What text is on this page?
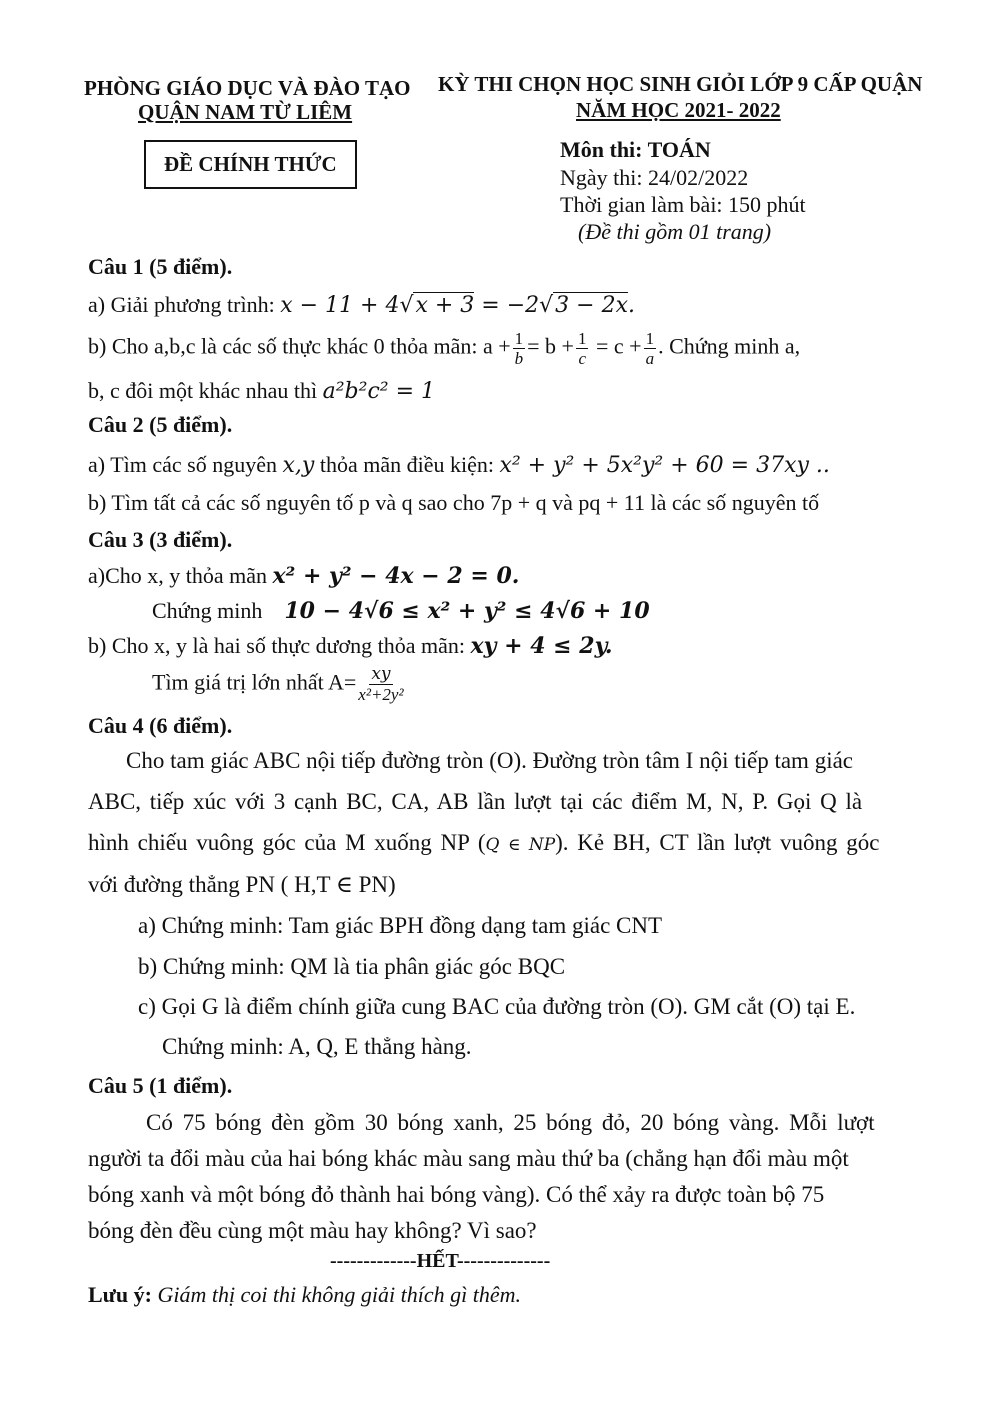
PHÒNG GIÁO DỤC VÀ ĐÀO TẠO
QUẬN NAM TỪ LIÊM
KỲ THI CHỌN HỌC SINH GIỎI LỚP 9 CẤP QUẬN
NĂM HỌC 2021- 2022
ĐỀ CHÍNH THỨC
Môn thi: TOÁN
Ngày thi: 24/02/2022
Thời gian làm bài: 150 phút
(Đề thi gồm 01 trang)
Câu 1 (5 điểm).
a) Giải phương trình: x − 11 + 4√x + 3 = −2√3 − 2x.
b) Cho a,b,c là các số thực khác 0 thỏa mãn: $a + \frac{1}{b} = b + \frac{1}{c} = c + \frac{1}{a}$ . Chứng minh a,
b, c đôi một khác nhau thì a²b²c² = 1
Câu 2 (5 điểm).
a) Tìm các số nguyên x,y thỏa mãn điều kiện: x² + y² + 5x²y² + 60 = 37xy ..
b) Tìm tất cả các số nguyên tố p và q sao cho 7p + q và pq + 11 là các số nguyên tố
Câu 3 (3 điểm).
a)Cho x, y thỏa mãn x² + y² − 4x − 2 = 0.
Chứng minh 10 − 4√6 ≤ x² + y² ≤ 4√6 + 10
b) Cho x, y là hai số thực dương thỏa mãn: xy + 4 ≤ 2y.
Tìm giá trị lớn nhất $A= \frac{xy}{\text{x²+2y²}}$
Câu 4 (6 điểm).
Cho tam giác ABC nội tiếp đường tròn (O). Đường tròn tâm I nội tiếp tam giác
ABC, tiếp xúc với 3 cạnh BC, CA, AB lần lượt tại các điểm M, N, P. Gọi Q là
hình chiếu vuông góc của M xuống NP (Q ∈ NP). Kẻ BH, CT lần lượt vuông góc
với đường thẳng PN ( H,T ∈ PN)
a) Chứng minh: Tam giác BPH đồng dạng tam giác CNT
b) Chứng minh: QM là tia phân giác góc BQC
c) Gọi G là điểm chính giữa cung BAC của đường tròn (O). GM cắt (O) tại E.
Chứng minh: A, Q, E thẳng hàng.
Câu 5 (1 điểm).
Có 75 bóng đèn gồm 30 bóng xanh, 25 bóng đỏ, 20 bóng vàng. Mỗi lượt
người ta đổi màu của hai bóng khác màu sang màu thứ ba (chẳng hạn đổi màu một
bóng xanh và một bóng đỏ thành hai bóng vàng). Có thể xảy ra được toàn bộ 75
bóng đèn đều cùng một màu hay không? Vì sao?
-------------HẾT--------------
Lưu ý: Giám thị coi thi không giải thích gì thêm.
